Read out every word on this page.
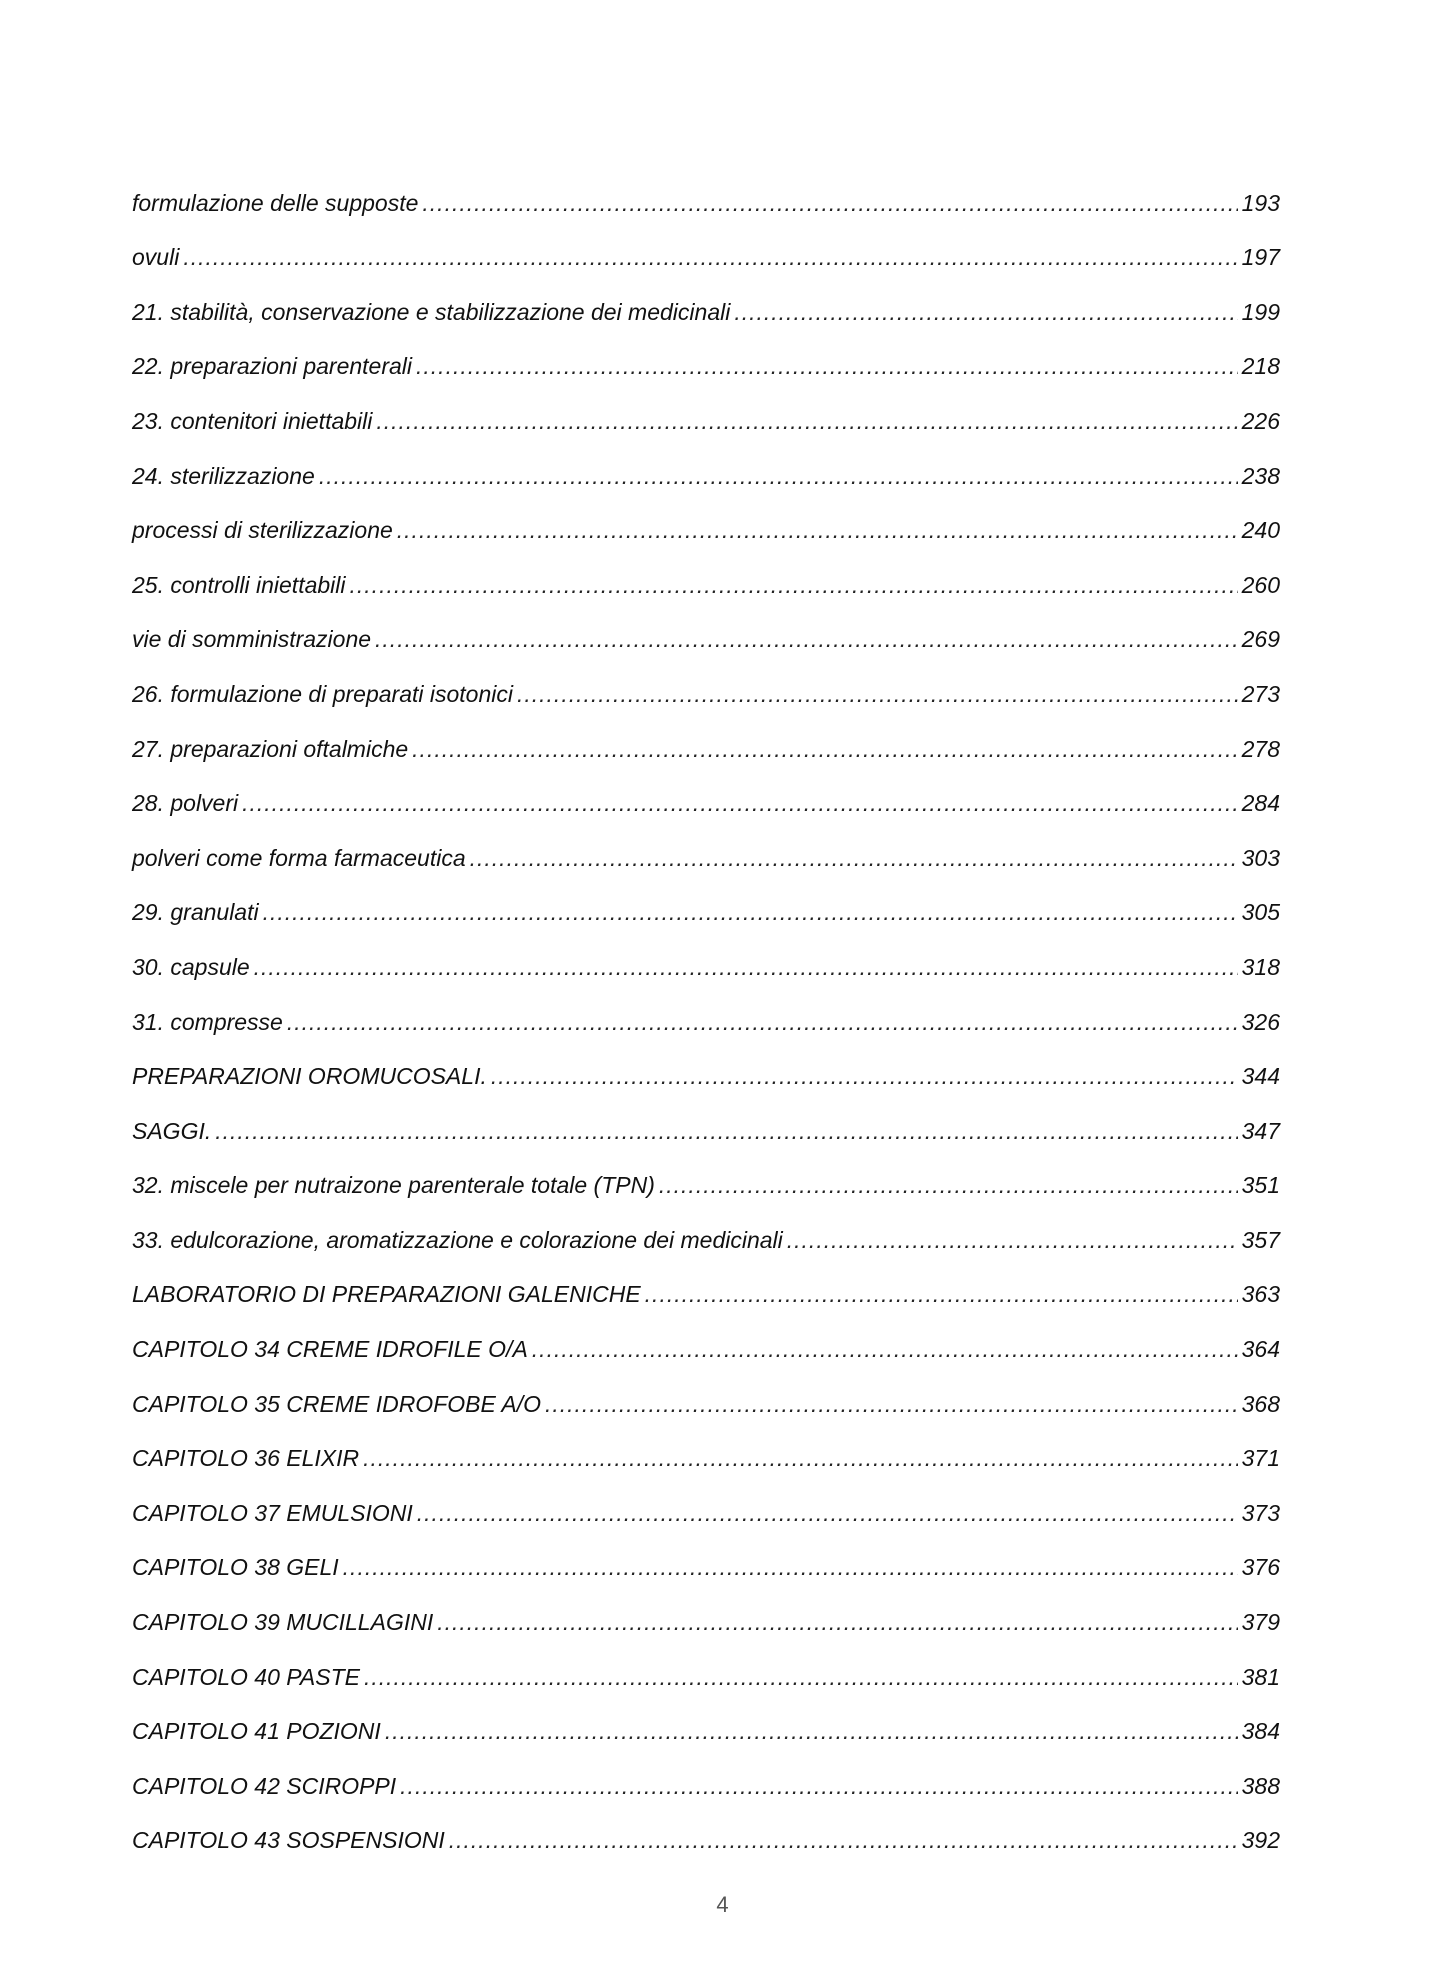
formulazione delle supposte .....	193
ovuli .....	197
21. stabilità, conservazione e stabilizzazione dei medicinali .....	199
22. preparazioni parenterali .....	218
23. contenitori iniettabili .....	226
24. sterilizzazione .....	238
processi di sterilizzazione .....	240
25. controlli iniettabili .....	260
vie di somministrazione .....	269
26. formulazione di preparati isotonici .....	273
27. preparazioni oftalmiche .....	278
28. polveri .....	284
polveri come forma farmaceutica .....	303
29. granulati .....	305
30. capsule .....	318
31. compresse .....	326
PREPARAZIONI OROMUCOSALI. .....	344
SAGGI. .....	347
32. miscele per nutraizone parenterale totale (TPN) .....	351
33. edulcorazione, aromatizzazione e colorazione dei medicinali .....	357
LABORATORIO DI PREPARAZIONI GALENICHE .....	363
CAPITOLO 34 CREME IDROFILE O/A .....	364
CAPITOLO 35 CREME IDROFOBE A/O .....	368
CAPITOLO 36 ELIXIR .....	371
CAPITOLO 37 EMULSIONI .....	373
CAPITOLO 38 GELI .....	376
CAPITOLO 39 MUCILLAGINI .....	379
CAPITOLO 40 PASTE .....	381
CAPITOLO 41 POZIONI .....	384
CAPITOLO 42 SCIROPPI .....	388
CAPITOLO 43 SOSPENSIONI .....	392
4
